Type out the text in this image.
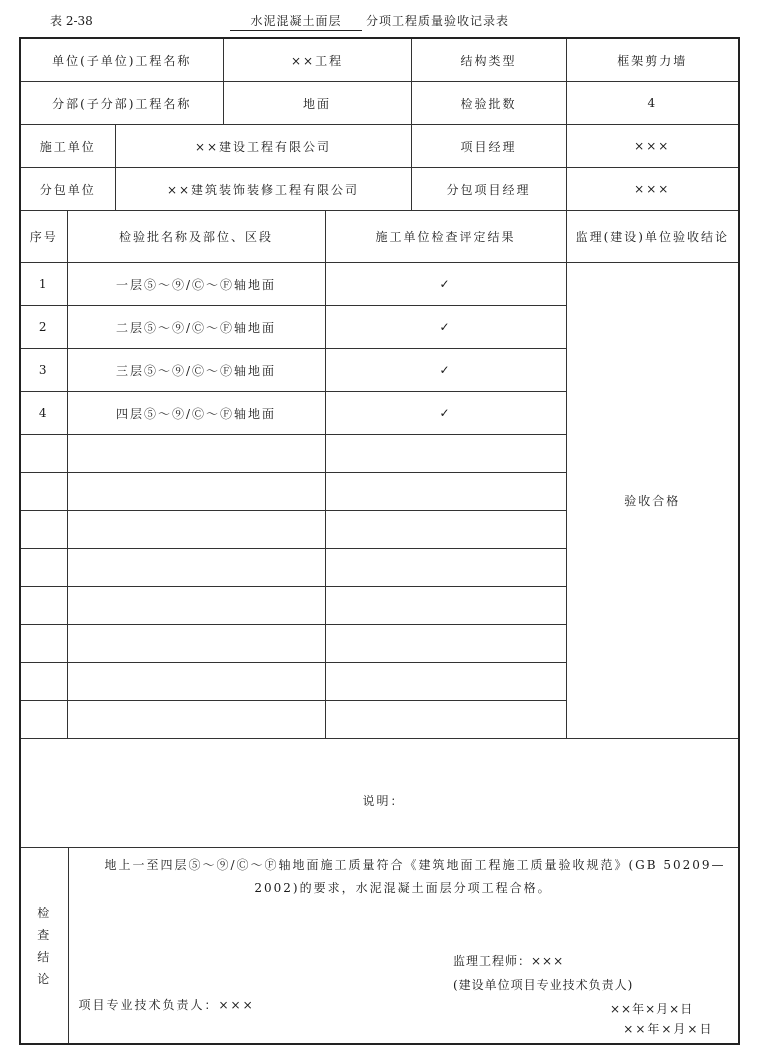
表 2-38	水泥混凝土面层	分项工程质量验收记录表
单位(子单位)工程名称	××工程	结构类型	框架剪力墙
分部(子分部)工程名称	地面	检验批数	4
施工单位	××建设工程有限公司	项目经理	×××
分包单位	××建筑装饰装修工程有限公司	分包项目经理	×××
序号	检验批名称及部位、区段	施工单位检查评定结果	监理(建设)单位验收结论
1	一层⑤～⑨/Ⓒ～Ⓕ轴地面	✓	验收合格
2	二层⑤～⑨/Ⓒ～Ⓕ轴地面	✓
3	三层⑤～⑨/Ⓒ～Ⓕ轴地面	✓
4	四层⑤～⑨/Ⓒ～Ⓕ轴地面	✓

说明：

检
查
结
论

地上一至四层⑤～⑨/Ⓒ～Ⓕ轴地面施工质量符合《建筑地面工程施工质量验收规范》(GB 50209—2002)的要求，水泥混凝土面层分项工程合格。
项目专业技术负责人：×××
××年×月×日

监理工程师：×××
(建设单位项目专业技术负责人)
××年×月×日
